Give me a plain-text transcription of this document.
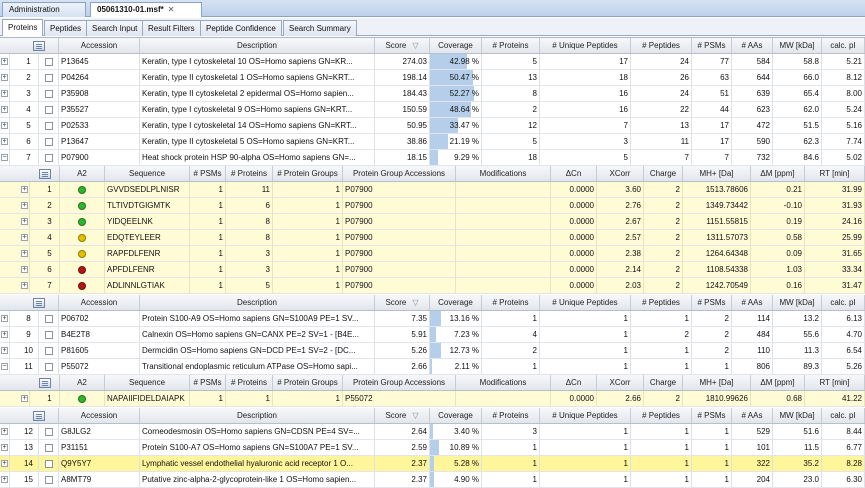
Administration	05061310-01.msf* ✕
Proteins	Peptides	Search Input	Result Filters	Peptide Confidence	Search Summary
Accession	Description	Score ▽ Coverage # Proteins	# Unique Peptides	# Peptides # PSMs # AAs MW [kDa] calc. pI
+ 1	P13645	Keratin, type I cytoskeletal 10 OS=Homo sapiens GN=KR...	274.03	42.98 %	5	17	24	77	584	58.8	5.21
+ 2	P04264	Keratin, type II cytoskeletal 1 OS=Homo sapiens GN=KRT...	198.14	50.47 %	13	18	26	63	644	66.0	8.12
+ 3	P35908	Keratin, type II cytoskeletal 2 epidermal OS=Homo sapien...	184.43	52.27 %	8	16	24	51	639	65.4	8.00
+ 4	P35527	Keratin, type I cytoskeletal 9 OS=Homo sapiens GN=KRT...	150.59	48.64 %	2	16	22	44	623	62.0	5.24
+ 5	P02533	Keratin, type I cytoskeletal 14 OS=Homo sapiens GN=KRT...	50.95	33.47 %	12	7	13	17	472	51.5	5.16
+ 6	P13647	Keratin, type II cytoskeletal 5 OS=Homo sapiens GN=KRT...	38.86	21.19 %	5	3	11	17	590	62.3	7.74
− 7	P07900	Heat shock protein HSP 90-alpha OS=Homo sapiens GN=...	18.15	9.29 %	18	5	7	7	732	84.6	5.02
A2	Sequence	# PSMs # Proteins # Protein Groups Protein Group Accessions	Modifications	ΔCn	XCorr Charge	MH+ [Da]	ΔM [ppm]	RT [min]
+	1	GVVDSEDLPLNISR	1	11	1 P07900	0.0000	3.60	2	1513.78606	0.21	31.99
+	2	TLTIVDTGIGMTK	1	6	1 P07900	0.0000	2.76	2	1349.73442	-0.10	31.93
+	3	YIDQEELNK	1	8	1 P07900	0.0000	2.67	2	1151.55815	0.19	24.16
+	4	EDQTEYLEER	1	8	1 P07900	0.0000	2.57	2	1311.57073	0.58	25.99
+	5	RAPFDLFENR	1	3	1 P07900	0.0000	2.38	2	1264.64348	0.09	31.65
+	6	APFDLFENR	1	3	1 P07900	0.0000	2.14	2	1108.54338	1.03	33.34
+	7	ADLINNLGTIAK	1	5	1 P07900	0.0000	2.03	2	1242.70549	0.16	31.47
Accession	Description	Score ▽ Coverage # Proteins	# Unique Peptides	# Peptides # PSMs # AAs MW [kDa] calc. pI
+ 8	P06702	Protein S100-A9 OS=Homo sapiens GN=S100A9 PE=1 SV...	7.35	13.16 %	1	1	1	2	114	13.2	6.13
+ 9	B4E2T8	Calnexin OS=Homo sapiens GN=CANX PE=2 SV=1 - [B4E...	5.91	7.23 %	4	1	2	2	484	55.6	4.70
+ 10	P81605	Dermcidin OS=Homo sapiens GN=DCD PE=1 SV=2 - [DC...	5.26	12.73 %	2	1	1	2	110	11.3	6.54
− 11	P55072	Transitional endoplasmic reticulum ATPase OS=Homo sapi...	2.66	2.11 %	1	1	1	1	806	89.3	5.26
A2	Sequence	# PSMs # Proteins # Protein Groups Protein Group Accessions	Modifications	ΔCn	XCorr Charge	MH+ [Da]	ΔM [ppm]	RT [min]
+	1	NAPAIIFIDELDAIAPK	1	1	1 P55072	0.0000	2.66	2	1810.99626	0.68	41.22
Accession	Description	Score ▽ Coverage # Proteins	# Unique Peptides	# Peptides # PSMs # AAs MW [kDa] calc. pI
+ 12	G8JLG2	Corneodesmosin OS=Homo sapiens GN=CDSN PE=4 SV=...	2.64	3.40 %	3	1	1	1	529	51.6	8.44
+ 13	P31151	Protein S100-A7 OS=Homo sapiens GN=S100A7 PE=1 SV...	2.59	10.89 %	1	1	1	1	101	11.5	6.77
+ 14	Q9Y5Y7	Lymphatic vessel endothelial hyaluronic acid receptor 1 O...	2.37	5.28 %	1	1	1	1	322	35.2	8.28
+ 15	A8MT79	Putative zinc-alpha-2-glycoprotein-like 1 OS=Homo sapien...	2.37	4.90 %	1	1	1	1	204	23.0	6.30
